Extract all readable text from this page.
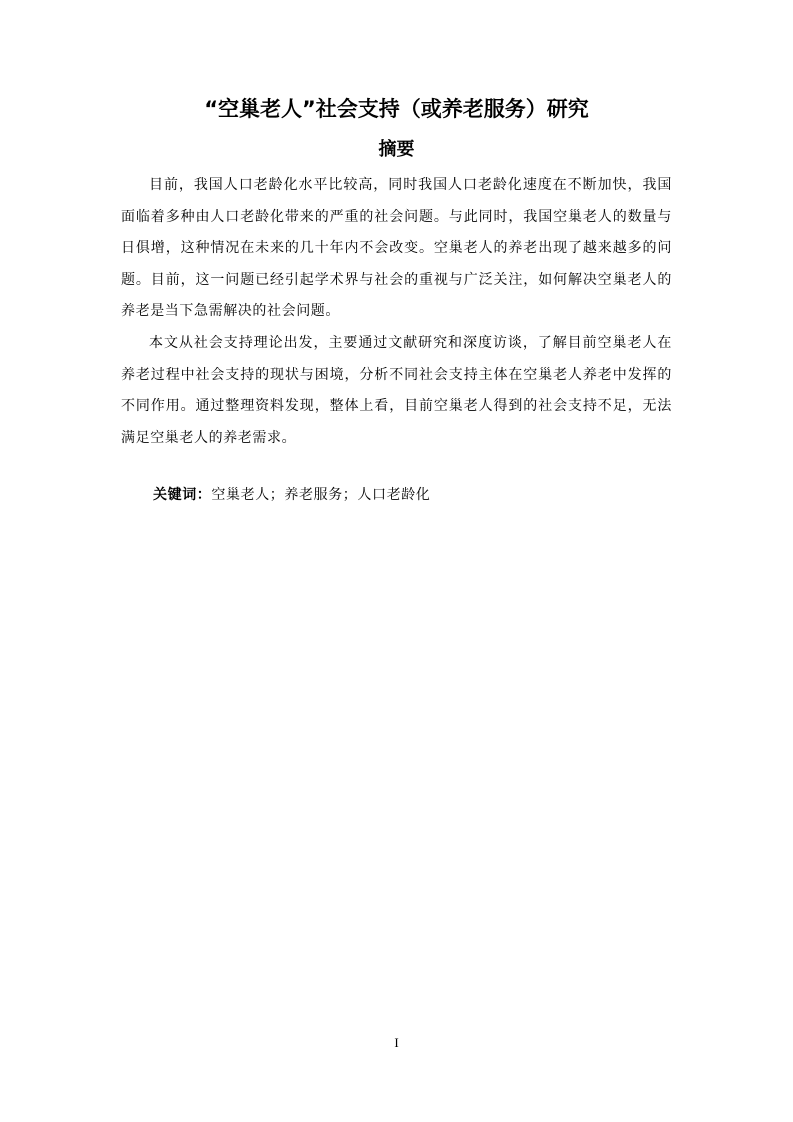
“空巢老人”社会支持（或养老服务）研究
摘要

目前，我国人口老龄化水平比较高，同时我国人口老龄化速度在不断加快，我国面临着多种由人口老龄化带来的严重的社会问题。与此同时，我国空巢老人的数量与日俱增，这种情况在未来的几十年内不会改变。空巢老人的养老出现了越来越多的问题。目前，这一问题已经引起学术界与社会的重视与广泛关注，如何解决空巢老人的养老是当下急需解决的社会问题。

本文从社会支持理论出发，主要通过文献研究和深度访谈，了解目前空巢老人在养老过程中社会支持的现状与困境，分析不同社会支持主体在空巢老人养老中发挥的不同作用。通过整理资料发现，整体上看，目前空巢老人得到的社会支持不足，无法满足空巢老人的养老需求。

关键词：空巢老人；养老服务；人口老龄化

I
